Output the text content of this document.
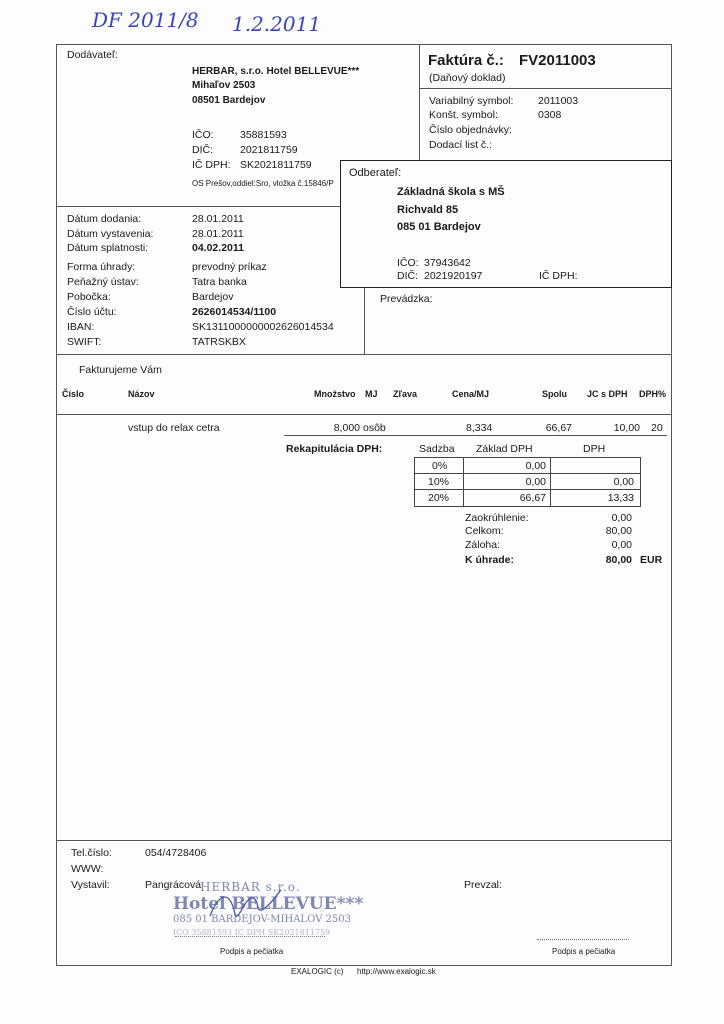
DF 2011/8 1.2.2011
Dodávateľ:
HERBAR, s.r.o. Hotel BELLEVUE***
Mihaľov 2503
08501 Bardejov
IČO:	35881593
DIČ:	2021811759
IČ DPH: SK2021811759
OS Prešov,oddiel:Sro, vložka č.15846/P
Faktúra č.: FV2011003
(Daňový doklad)
Variabilný symbol: 2011003
Konšt. symbol:	0308
Číslo objednávky:
Dodací list č.:
Odberateľ:
Základná škola s MŠ
Richvald 85
085 01 Bardejov
IČO: 37943642
DIČ: 2021920197	IČ DPH:
Dátum dodania:	28.01.2011
Dátum vystavenia:	28.01.2011
Dátum splatnosti:	04.02.2011
Forma úhrady:	prevodný príkaz
Peňažný ústav:	Tatra banka
Pobočka:	Bardejov
Číslo účtu:	2626014534/1100
IBAN:	SK1311000000002626014534
SWIFT:	TATRSKBX
Prevádzka:
Fakturujeme Vám
Číslo	Názov	Množstvo MJ Zľava	Cena/MJ	Spolu JC s DPH DPH%
vstup do relax cetra	8,000 osôb	8,334	66,67	10,00 20
Rekapitulácia DPH:	Sadzba Základ DPH	DPH
0%	0,00
10%	0,00	0,00
20%	66,67	13,33
Zaokrúhlenie:	0,00
Celkom:	80,00
Záloha:	0,00
K úhrade:	80,00 EUR
Tel.číslo:	054/4728406
WWW:
Vystavil:	Pangrácová	Prevzal:
HERBAR s.r.o.
Hotel BELLEVUE***
085 01 BARDEJOV-MIHALOV 2503
IČO 35881593 IČ DPH SK2021811759
Podpis a pečiatka	Podpis a pečiatka
EXALOGIC (c) http://www.exalogic.sk
